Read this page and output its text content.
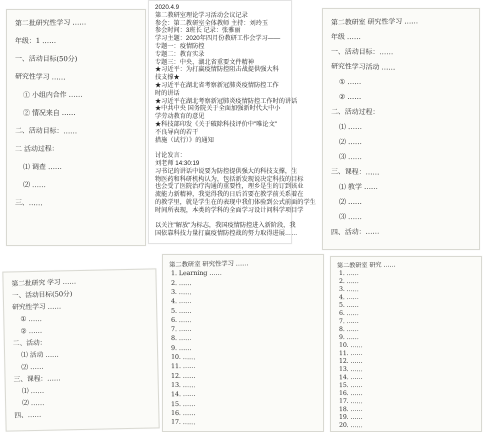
第二批研究性学习 ……
年级：1 ……
一、活动目标(50分)
研究性学习 ……
① 小组内合作 ……
② 情况来自 ……
二、活动目标：……
二 活动过程：
⑴ 调查 ……
⑵ ……
三、……
2020.4.9
第二教研室理论学习活动会议记录
参会：第二教研室全体教师 主持：刘玲玉
参会时间：3班长 记录：张雅丽
学习主题：2020年四月份教研工作会学习——
专题一：疫情防控
专题二：教育实录
专题三：中央、湖北省重要文件精神
★习近平：为打赢疫情防控阻击战提供强大科
技支撑★
★习近平在湖北省考察新冠肺炎疫情防控工作
时的讲话
★习近平在湖北考察新冠肺炎疫情防控工作时的讲话
★中共中央 国务院关于全面加强新时代大中小
学劳动教育的意见
★科技部印发《关于破除科技评价中"唯论文"
不良导向的若干
措施（试行）》的通知
讨论发言：
刘老师 14:30:19
习书记的讲话中说要为防控提供强大的科技支撑，生
物医药和科研机构认为，包括新发现说决定科技的目标
也会受了医院治疗沟通的重要性，理乡是生的订到该业
流能力新精神，我觉得我的日后首要在教学前关系着在
的教学里，就是学生在的表现中我们体验到公式前面的学生
时间所表现，本类的学科的全面学习设计问科学项目学
以关注"解放"为标志，我国疫情防控进入新阶段，我
国依靠科技力量打赢疫情防控战的努力取得进展……
第二教研室 研究性学习 ……
年级 ……
一、活动目标：……
研究性学习活动 ……
① ……
② ……
二、活动过程：
⑴ ……
⑵ ……
⑶ ……
三、课程：……
⑴ 教学 ……
⑵ ……
⑶ ……
四、活动：……
第二批研究 学习 ……
一、活动目标(50分)
研究性学习 ……
① ……
② ……
二、活动：
⑴ 活动 ……
⑵ ……
三、课程：……
⑴ ……
⑵ ……
四、……
第二教研室 研究性学习 ……
1. Learning ……
2. ……
3. ……
4. ……
5. ……
6. ……
7. ……
8. ……
9. ……
10. ……
11. ……
12. ……
13. ……
14. ……
15. ……
16. ……
17. ……
第二教研室 研究 ……
1. ……
2. ……
3. ……
4. ……
5. ……
6. ……
7. ……
8. ……
9. ……
10. ……
11. ……
12. ……
13. ……
14. ……
15. ……
16. ……
17. ……
18. ……
19. ……
20. ……
